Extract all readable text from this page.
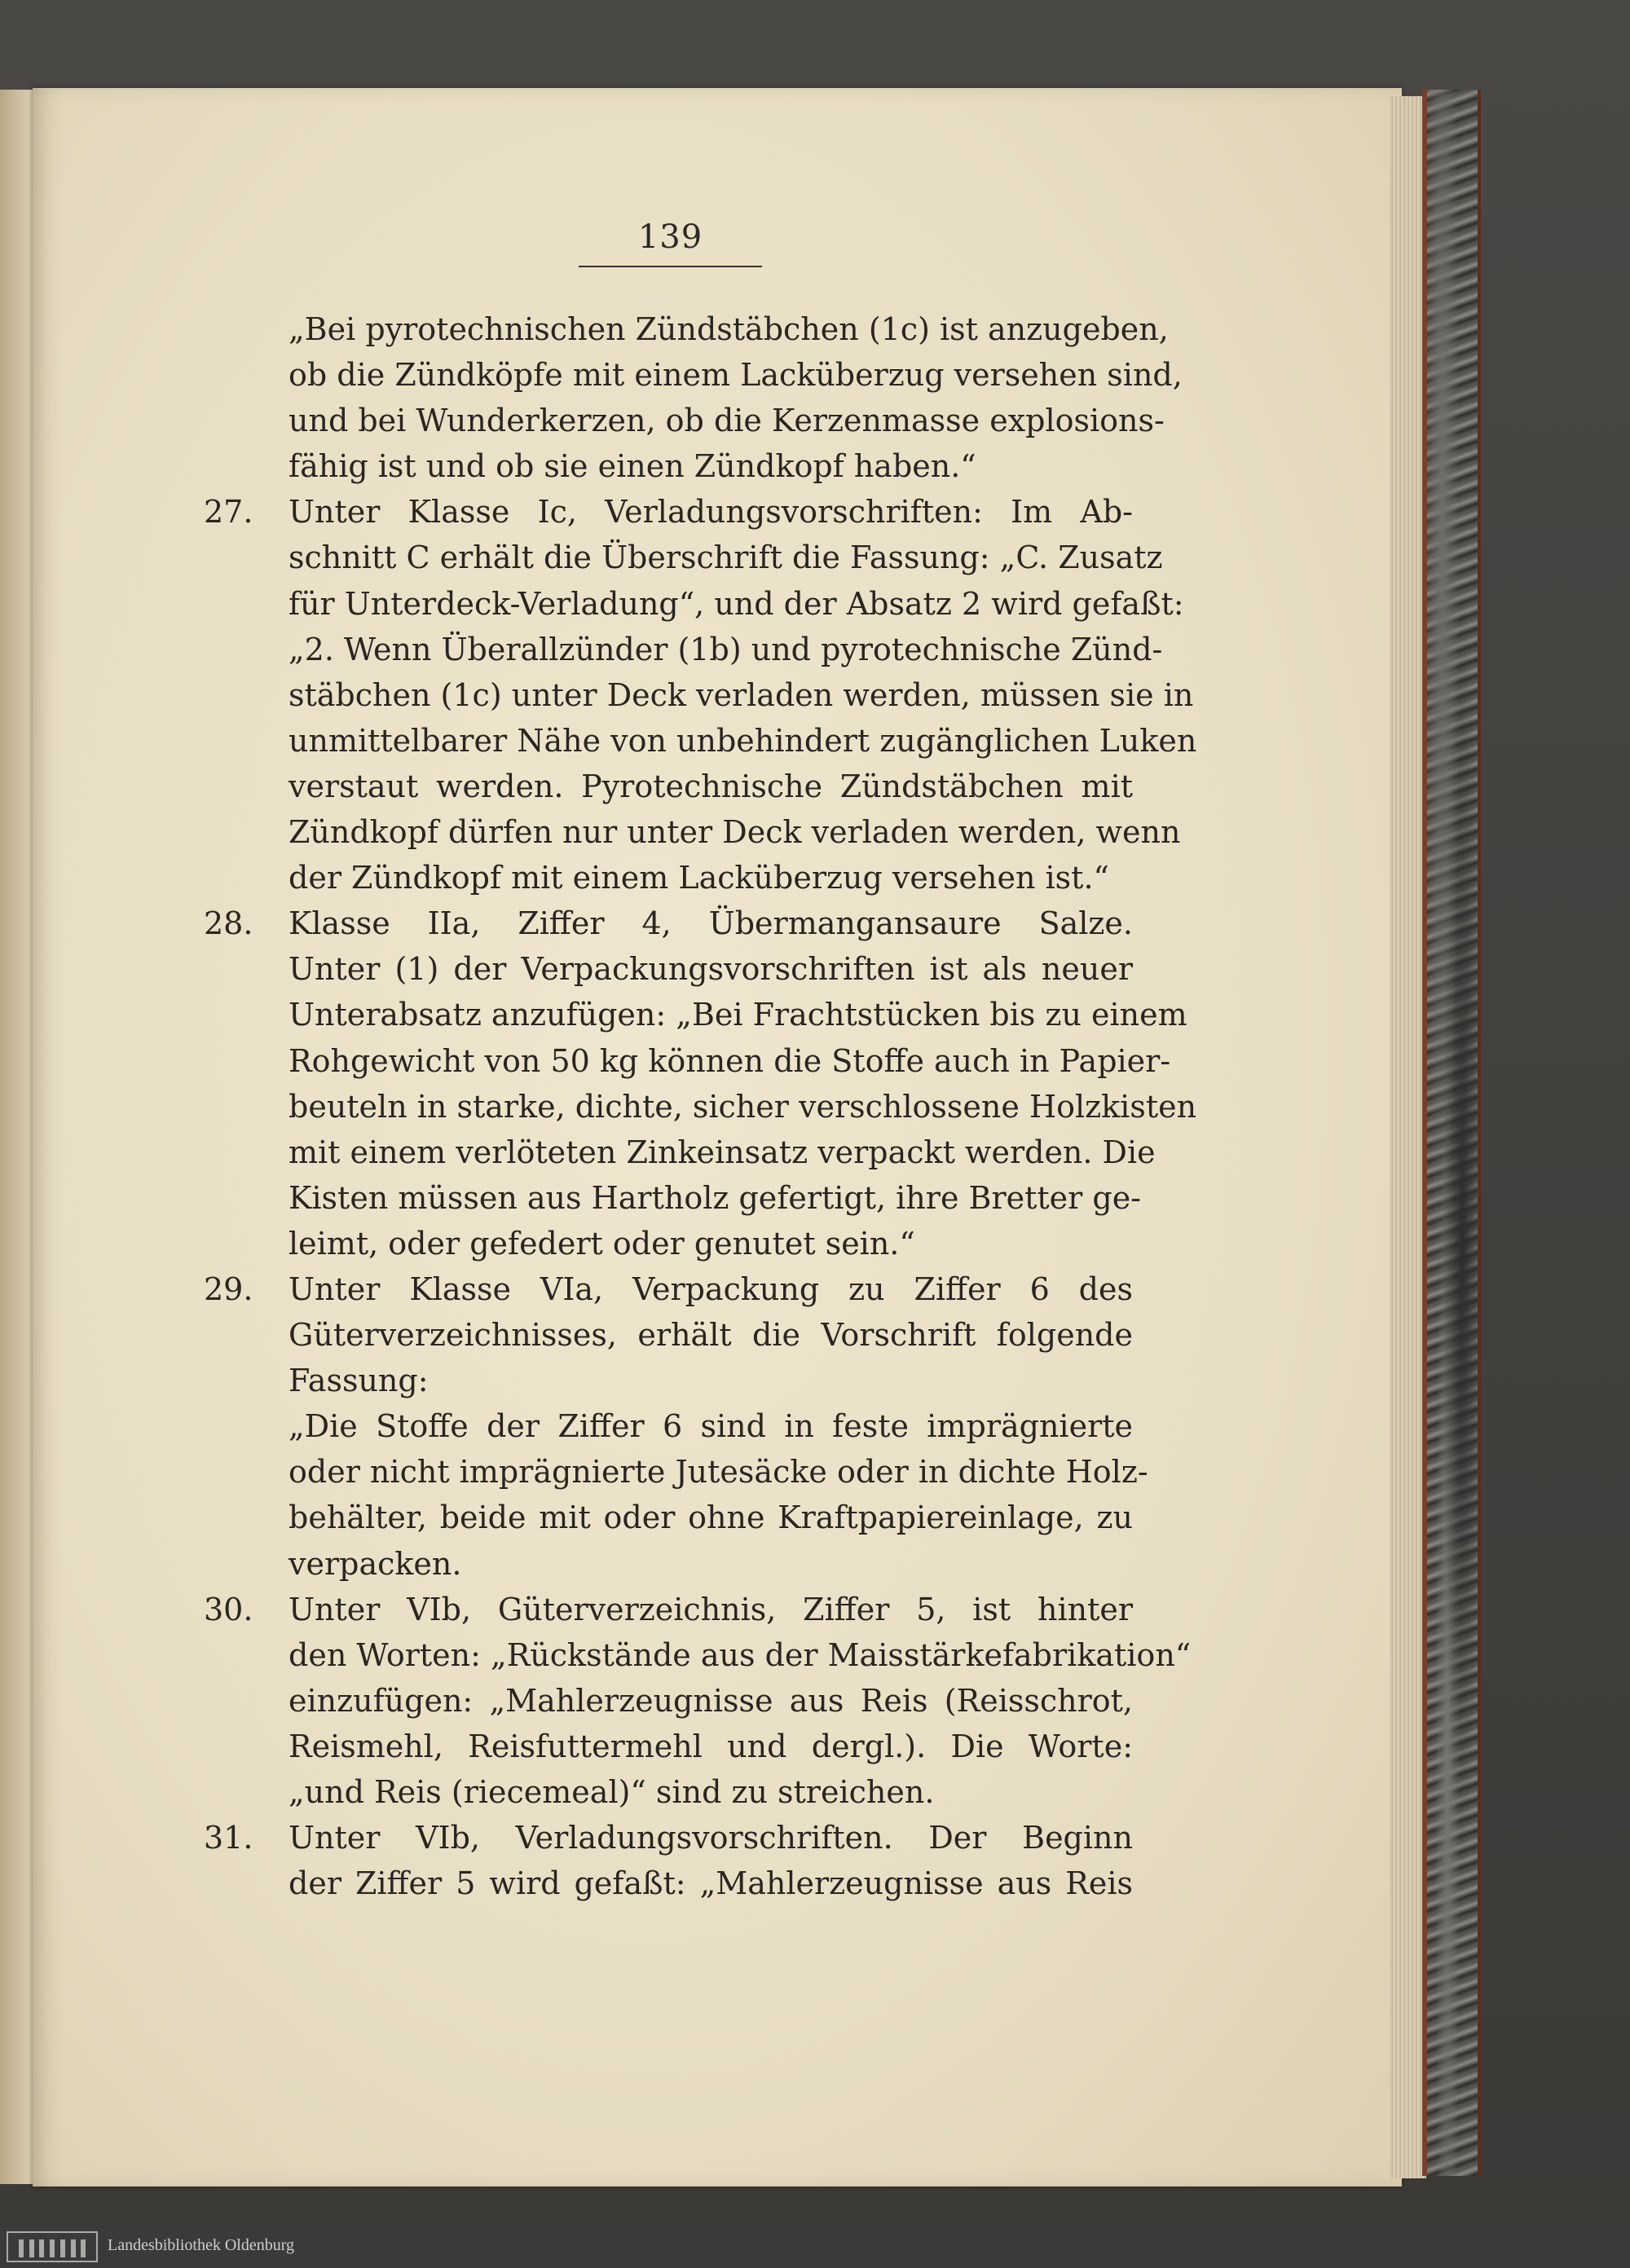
139
„Bei pyrotechnischen Zündstäbchen (1c) ist anzugeben,
ob die Zündköpfe mit einem Lacküberzug versehen sind,
und bei Wunderkerzen, ob die Kerzenmasse explosions-
fähig ist und ob sie einen Zündkopf haben.“
27.	Unter Klasse Ic, Verladungsvorschriften: Im Ab-
schnitt C erhält die Überschrift die Fassung: „C. Zusatz
für Unterdeck-Verladung“, und der Absatz 2 wird gefaßt:
„2. Wenn Überallzünder (1b) und pyrotechnische Zünd-
stäbchen (1c) unter Deck verladen werden, müssen sie in
unmittelbarer Nähe von unbehindert zugänglichen Luken
verstaut werden. Pyrotechnische Zündstäbchen mit
Zündkopf dürfen nur unter Deck verladen werden, wenn
der Zündkopf mit einem Lacküberzug versehen ist.“
28.	Klasse IIa, Ziffer 4, Übermangansaure Salze.
Unter (1) der Verpackungsvorschriften ist als neuer
Unterabsatz anzufügen: „Bei Frachtstücken bis zu einem
Rohgewicht von 50 kg können die Stoffe auch in Papier-
beuteln in starke, dichte, sicher verschlossene Holzkisten
mit einem verlöteten Zinkeinsatz verpackt werden. Die
Kisten müssen aus Hartholz gefertigt, ihre Bretter ge-
leimt, oder gefedert oder genutet sein.“
29.	Unter Klasse VIa, Verpackung zu Ziffer 6 des
Güterverzeichnisses, erhält die Vorschrift folgende
Fassung:
„Die Stoffe der Ziffer 6 sind in feste imprägnierte
oder nicht imprägnierte Jutesäcke oder in dichte Holz-
behälter, beide mit oder ohne Kraftpapiereinlage, zu
verpacken.
30.	Unter VIb, Güterverzeichnis, Ziffer 5, ist hinter
den Worten: „Rückstände aus der Maisstärkefabrikation“
einzufügen: „Mahlerzeugnisse aus Reis (Reisschrot,
Reismehl, Reisfuttermehl und dergl.). Die Worte:
„und Reis (riecemeal)“ sind zu streichen.
31.	Unter VIb, Verladungsvorschriften. Der Beginn
der Ziffer 5 wird gefaßt: „Mahlerzeugnisse aus Reis
Landesbibliothek Oldenburg
